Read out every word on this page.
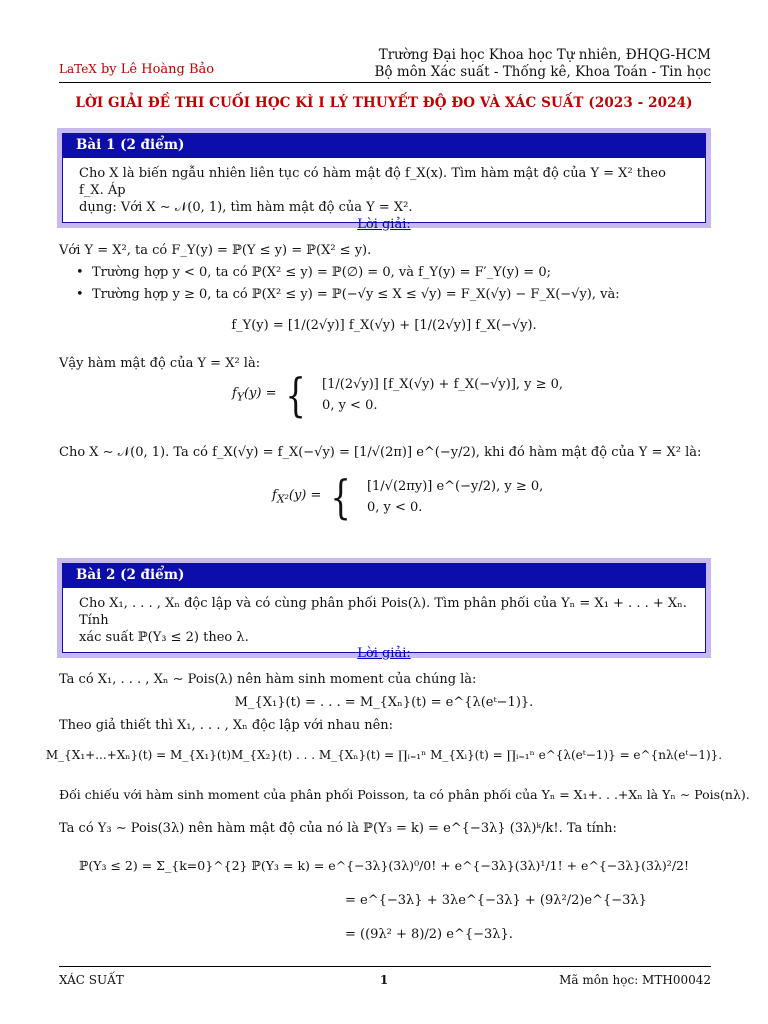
Trường Đại học Khoa học Tự nhiên, ĐHQG-HCM
Bộ môn Xác suất - Thống kê, Khoa Toán - Tin học
LaTeX by Lê Hoàng Bảo
LỜI GIẢI ĐỀ THI CUỐI HỌC KÌ I LÝ THUYẾT ĐỘ ĐO VÀ XÁC SUẤT (2023 - 2024)
Bài 1 (2 điểm)
Cho X là biến ngẫu nhiên liên tục có hàm mật độ f_X(x). Tìm hàm mật độ của Y = X² theo f_X. Áp
dụng: Với X ∼ 𝒩(0, 1), tìm hàm mật độ của Y = X².
Lời giải:
Với Y = X², ta có F_Y(y) = ℙ(Y ≤ y) = ℙ(X² ≤ y).
•  Trường hợp y < 0, ta có ℙ(X² ≤ y) = ℙ(∅) = 0, và f_Y(y) = F′_Y(y) = 0;
•  Trường hợp y ≥ 0, ta có ℙ(X² ≤ y) = ℙ(−√y ≤ X ≤ √y) = F_X(√y) − F_X(−√y), và:
f_Y(y) = [1/(2√y)] f_X(√y) + [1/(2√y)] f_X(−√y).
Vậy hàm mật độ của Y = X² là:
$f_Y(y)$ = { [1/(2√y)] [f_X(√y) + f_X(−√y)], y ≥ 0,
0, y < 0.
Cho X ∼ 𝒩(0, 1). Ta có f_X(√y) = f_X(−√y) = [1/√(2π)] e^(−y/2), khi đó hàm mật độ của Y = X² là:
$f_{X^2}(y)$ = { [1/√(2πy)] e^(−y/2), y ≥ 0,
0, y < 0.
Bài 2 (2 điểm)
Cho X₁, . . . , Xₙ độc lập và có cùng phân phối Pois(λ). Tìm phân phối của Yₙ = X₁ + . . . + Xₙ. Tính
xác suất ℙ(Y₃ ≤ 2) theo λ.
Lời giải:
Ta có X₁, . . . , Xₙ ∼ Pois(λ) nên hàm sinh moment của chúng là:
M_{X₁}(t) = . . . = M_{Xₙ}(t) = e^{λ(eᵗ−1)}.
Theo giả thiết thì X₁, . . . , Xₙ độc lập với nhau nên:
M_{X₁+...+Xₙ}(t) = M_{X₁}(t)M_{X₂}(t) . . . M_{Xₙ}(t) = ∏ᵢ₌₁ⁿ M_{Xᵢ}(t) = ∏ᵢ₌₁ⁿ e^{λ(eᵗ−1)} = e^{nλ(eᵗ−1)}.
Đối chiếu với hàm sinh moment của phân phối Poisson, ta có phân phối của Yₙ = X₁+. . .+Xₙ là Yₙ ∼ Pois(nλ).
Ta có Y₃ ∼ Pois(3λ) nên hàm mật độ của nó là ℙ(Y₃ = k) = e^{−3λ} (3λ)ᵏ/k!. Ta tính:
ℙ(Y₃ ≤ 2) = Σ_{k=0}^{2} ℙ(Y₃ = k) = e^{−3λ}(3λ)⁰/0! + e^{−3λ}(3λ)¹/1! + e^{−3λ}(3λ)²/2!
= e^{−3λ} + 3λe^{−3λ} + (9λ²/2)e^{−3λ}
= ((9λ² + 8)/2) e^{−3λ}.
XÁC SUẤT	1	Mã môn học: MTH00042
